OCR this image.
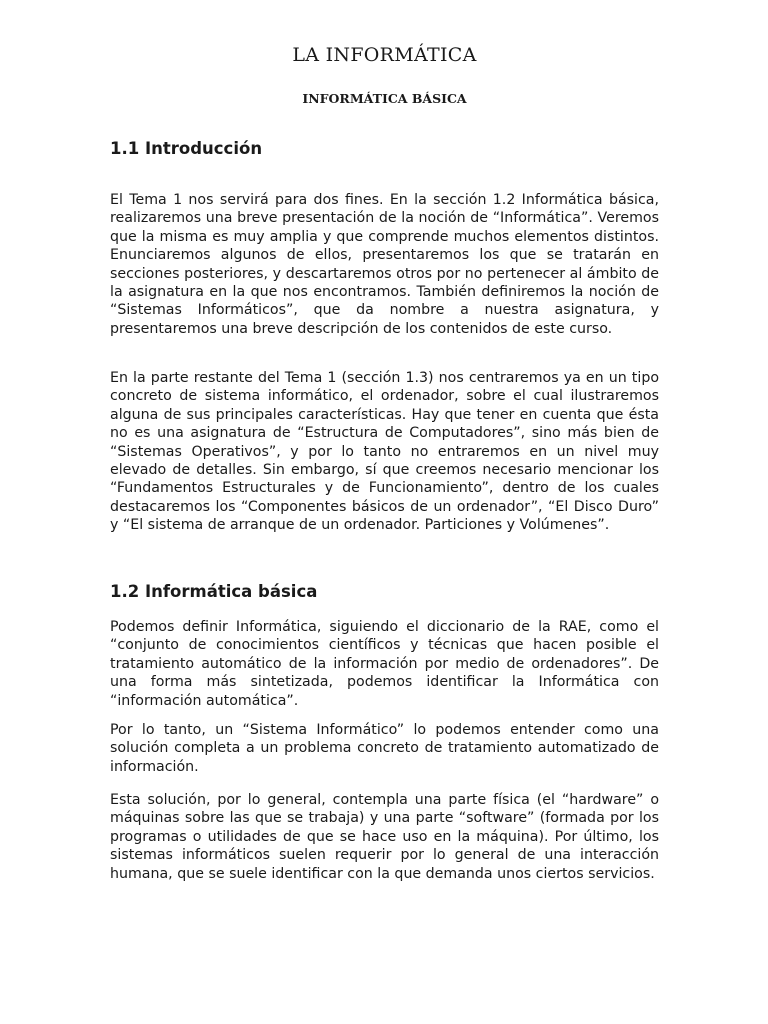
LA INFORMÁTICA
INFORMÁTICA BÁSICA
1.1 Introducción

El Tema 1 nos servirá para dos fines. En la sección 1.2 Informática básica, realizaremos una breve presentación de la noción de “Informática”. Veremos que la misma es muy amplia y que comprende muchos elementos distintos. Enunciaremos algunos de ellos, presentaremos los que se tratarán en secciones posteriores, y descartaremos otros por no pertenecer al ámbito de la asignatura en la que nos encontramos. También definiremos la noción de “Sistemas Informáticos”, que da nombre a nuestra asignatura, y presentaremos una breve descripción de los contenidos de este curso.

En la parte restante del Tema 1 (sección 1.3) nos centraremos ya en un tipo concreto de sistema informático, el ordenador, sobre el cual ilustraremos alguna de sus principales características. Hay que tener en cuenta que ésta no es una asignatura de “Estructura de Computadores”, sino más bien de “Sistemas Operativos”, y por lo tanto no entraremos en un nivel muy elevado de detalles. Sin embargo, sí que creemos necesario mencionar los “Fundamentos Estructurales y de Funcionamiento”, dentro de los cuales destacaremos los “Componentes básicos de un ordenador”, “El Disco Duro” y “El sistema de arranque de un ordenador. Particiones y Volúmenes”.

1.2 Informática básica

Podemos definir Informática, siguiendo el diccionario de la RAE, como el “conjunto de conocimientos científicos y técnicas que hacen posible el tratamiento automático de la información por medio de ordenadores”. De una forma más sintetizada, podemos identificar la Informática con “información automática”.

Por lo tanto, un “Sistema Informático” lo podemos entender como una solución completa a un problema concreto de tratamiento automatizado de información.

Esta solución, por lo general, contempla una parte física (el “hardware” o máquinas sobre las que se trabaja) y una parte “software” (formada por los programas o utilidades de que se hace uso en la máquina). Por último, los sistemas informáticos suelen requerir por lo general de una interacción humana, que se suele identificar con la que demanda unos ciertos servicios.
